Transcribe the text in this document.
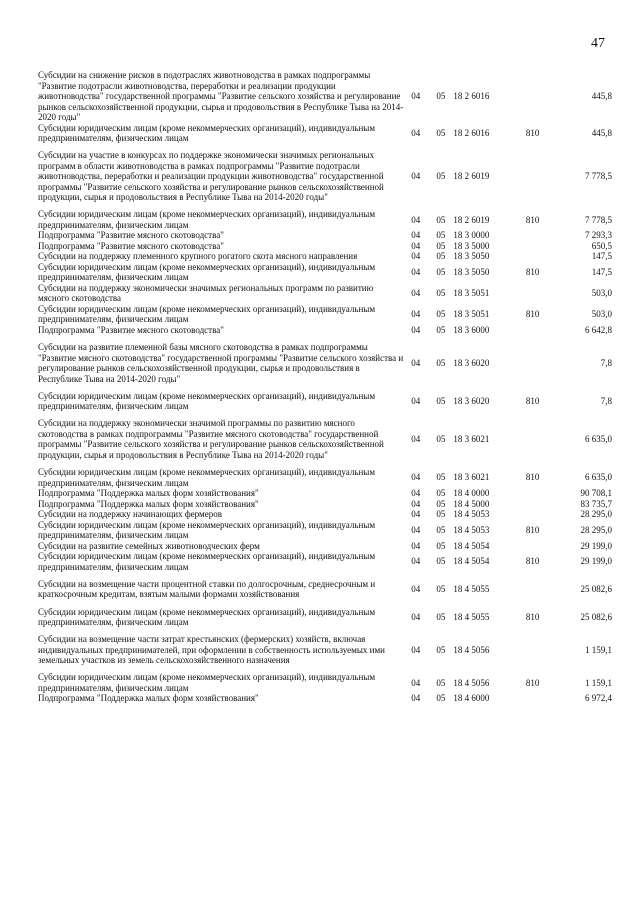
47
Субсидии на снижение рисков в подотраслях животноводства в рамках подпрограммы "Развитие подотрасли животноводства, переработки и реализации продукции животноводства" государственной программы "Развитие сельского хозяйства и регулирование рынков сельскохозяйственной продукции, сырья и продовольствия в Республике Тыва на 2014-2020 годы"	04	05	18 2 6016		445,8
Субсидии юридическим лицам (кроме некоммерческих организаций), индивидуальным предпринимателям, физическим лицам	04	05	18 2 6016	810	445,8

Субсидии на участие в конкурсах по поддержке экономически значимых региональных программ в области животноводства в рамках подпрограммы "Развитие подотрасли животноводства, переработки и реализации продукции животноводства" государственной программы "Развитие сельского хозяйства и регулирование рынков сельскохозяйственной продукции, сырья и продовольствия в Республике Тыва на 2014-2020 годы"	04	05	18 2 6019		7 778,5

Субсидии юридическим лицам (кроме некоммерческих организаций), индивидуальным предпринимателям, физическим лицам	04	05	18 2 6019	810	7 778,5
Подпрограмма "Развитие мясного скотоводства"	04	05	18 3 0000		7 293,3
Подпрограмма "Развитие мясного скотоводства"	04	05	18 3 5000		650,5
Субсидии на поддержку племенного крупного рогатого скота мясного направления	04	05	18 3 5050		147,5
Субсидии юридическим лицам (кроме некоммерческих организаций), индивидуальным предпринимателям, физическим лицам	04	05	18 3 5050	810	147,5
Субсидии на поддержку экономически значимых региональных программ по развитию мясного скотоводства	04	05	18 3 5051		503,0
Субсидии юридическим лицам (кроме некоммерческих организаций), индивидуальным предпринимателям, физическим лицам	04	05	18 3 5051	810	503,0
Подпрограмма "Развитие мясного скотоводства"	04	05	18 3 6000		6 642,8

Субсидии на развитие племенной базы мясного скотоводства в рамках подпрограммы "Развитие мясного скотоводства" государственной программы "Развитие сельского хозяйства и регулирование рынков сельскохозяйственной продукции, сырья и продовольствия в Республике Тыва на 2014-2020 годы"	04	05	18 3 6020		7,8

Субсидии юридическим лицам (кроме некоммерческих организаций), индивидуальным предпринимателям, физическим лицам	04	05	18 3 6020	810	7,8

Субсидии на поддержку экономически значимой программы по развитию мясного скотоводства в рамках подпрограммы "Развитие мясного скотоводства" государственной программы "Развитие сельского хозяйства и регулирование рынков сельскохозяйственной продукции, сырья и продовольствия в Республике Тыва на 2014-2020 годы"	04	05	18 3 6021		6 635,0

Субсидии юридическим лицам (кроме некоммерческих организаций), индивидуальным предпринимателям, физическим лицам	04	05	18 3 6021	810	6 635,0
Подпрограмма "Поддержка малых форм хозяйствования"	04	05	18 4 0000		90 708,1
Подпрограмма "Поддержка малых форм хозяйствования"	04	05	18 4 5000		83 735,7
Субсидии на поддержку начинающих фермеров	04	05	18 4 5053		28 295,0
Субсидии юридическим лицам (кроме некоммерческих организаций), индивидуальным предпринимателям, физическим лицам	04	05	18 4 5053	810	28 295,0
Субсидии на развитие семейных животноводческих ферм	04	05	18 4 5054		29 199,0
Субсидии юридическим лицам (кроме некоммерческих организаций), индивидуальным предпринимателям, физическим лицам	04	05	18 4 5054	810	29 199,0

Субсидии на возмещение части процентной ставки по долгосрочным, среднесрочным и краткосрочным кредитам, взятым малыми формами хозяйствования	04	05	18 4 5055		25 082,6

Субсидии юридическим лицам (кроме некоммерческих организаций), индивидуальным предпринимателям, физическим лицам	04	05	18 4 5055	810	25 082,6

Субсидии на возмещение части затрат крестьянских (фермерских) хозяйств, включая индивидуальных предпринимателей, при оформлении в собственность используемых ими земельных участков из земель сельскохозяйственного назначения	04	05	18 4 5056		1 159,1

Субсидии юридическим лицам (кроме некоммерческих организаций), индивидуальным предпринимателям, физическим лицам	04	05	18 4 5056	810	1 159,1
Подпрограмма "Поддержка малых форм хозяйствования"	04	05	18 4 6000		6 972,4
